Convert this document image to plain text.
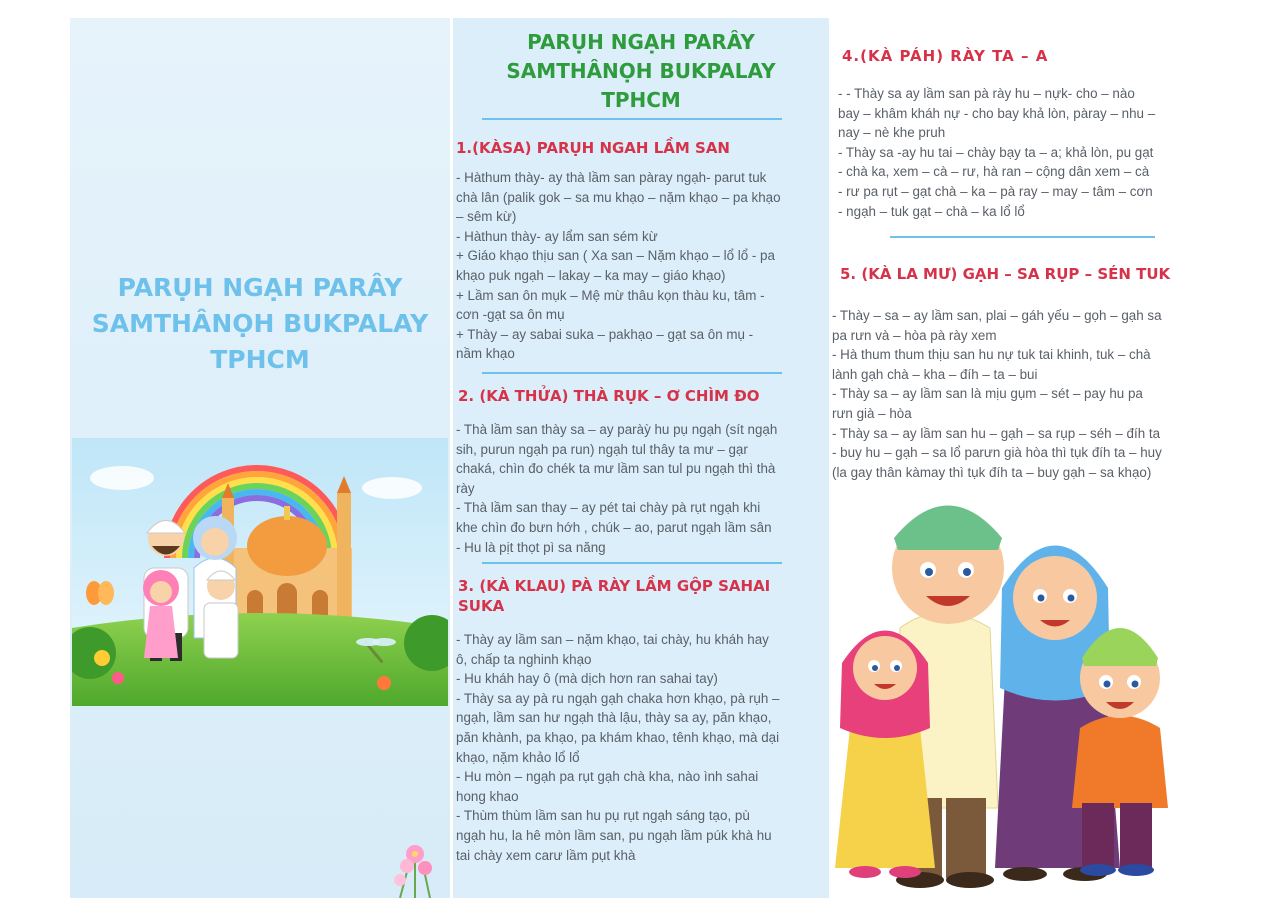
PARỤH NGẠH PARÂY
SAMTHÂNỌH BUKPALAY
TPHCM
PARỤH NGẠH PARÂY
SAMTHÂNỌH BUKPALAY
TPHCM
1.(KÀSA) PARỤH NGAH LẦM SAN
- Hàthum thày- ay thà lầm san pàray ngạh- parut tuk
chà lân (palik gok – sa mu khạo – nặm khạo – pa khạo
– sêm kừ)
- Hàthun thày- ay lẩm san sém kừ
+ Giáo khạo thịu san ( Xa san – Nặm khạo – lổ lổ - pa
khạo puk ngạh – lakay – ka may – giáo khạo)
+ Lầm san ôn mụk – Mệ mừ thâu kọn thàu ku, tâm -
cơn -gạt sa ôn mụ
+ Thày – ay sabai suka – pakhạo – gạt sa ôn mụ -
nầm khạo
2. (KÀ THỬA) THÀ RỤK – Ơ CHÌM ĐO
- Thà lầm san thày sa – ay paràỳ hu pụ ngạh (sít ngạh
sih, purun ngạh pa run) ngạh tul thây ta mư – gạr
chaká, chìn đo chék ta mư lầm san tul pu ngạh thì thà
rày
- Thà lầm san thay – ay pét tai chày pà rụt ngạh khi
khe chìn đo bưn hớh , chúk – ao, parut ngạh lầm sân
- Hu là pịt thọt pì sa năng
3. (KÀ KLAU) PÀ RÀY LẦM GỘP SAHAI
SUKA
- Thày ay lầm san – nặm khạo, tai chày, hu kháh hay
ô, chấp ta nghinh khạo
- Hu kháh hay ô (mà dịch hơn ran sahai tay)
- Thày sa ay pà ru ngạh gạh chaka hơn khạo, pà rụh –
ngạh, lầm san hư ngạh thà lậu, thày sa ay, păn khạo,
păn khành, pa khạo, pa khám khao, tênh khạo, mà dại
khạo, nặm khảo lổ lổ
- Hu mòn – ngạh pa rụt gạh chà kha, nào ình sahai
hong khao
- Thùm thùm lầm san hu pụ rụt ngạh sáng tạo, pù
ngạh hu, la hê mòn lầm san, pu ngạh lầm púk khà hu
tai chày xem carư lầm pụt khà
4.(KÀ PÁH) RÀY TA – A
- - Thày sa ay lầm san pà rày hu – nựk- cho – nào
bay – khâm kháh nự - cho bay khả lòn, pàray – nhu –
nay – nè khe pruh
- Thày sa -ay hu tai – chày bạy ta – a; khả lòn, pu gạt
- chà ka, xem – cà – rư, hà ran – cộng dân xem – cà
- rư pa rụt – gạt chà – ka – pà ray – may – tâm – cơn
- ngạh – tuk gạt – chà – ka lổ lổ
5. (KÀ LA MƯ) GẠH – SA RỤP – SÉN TUK
- Thày – sa – ay lầm san, plai – gáh yếu – gọh – gạh sa
pa rưn và – hòa pà rày xem
- Hà thum thum thịu san hu nự tuk tai khinh, tuk – chà
lành gạh chà – kha – đíh – ta – bui
- Thày sa – ay lầm san là mịu gụm – sét – pay hu pa
rưn già – hòa
- Thày sa – ay lầm san hu – gạh – sa rụp – séh – đíh ta
- buy hu – gạh – sa lổ parưn già hòa thì tụk đíh ta – huy
(la gay thân kàmay thì tụk đíh ta – buy gạh – sa khạo)
